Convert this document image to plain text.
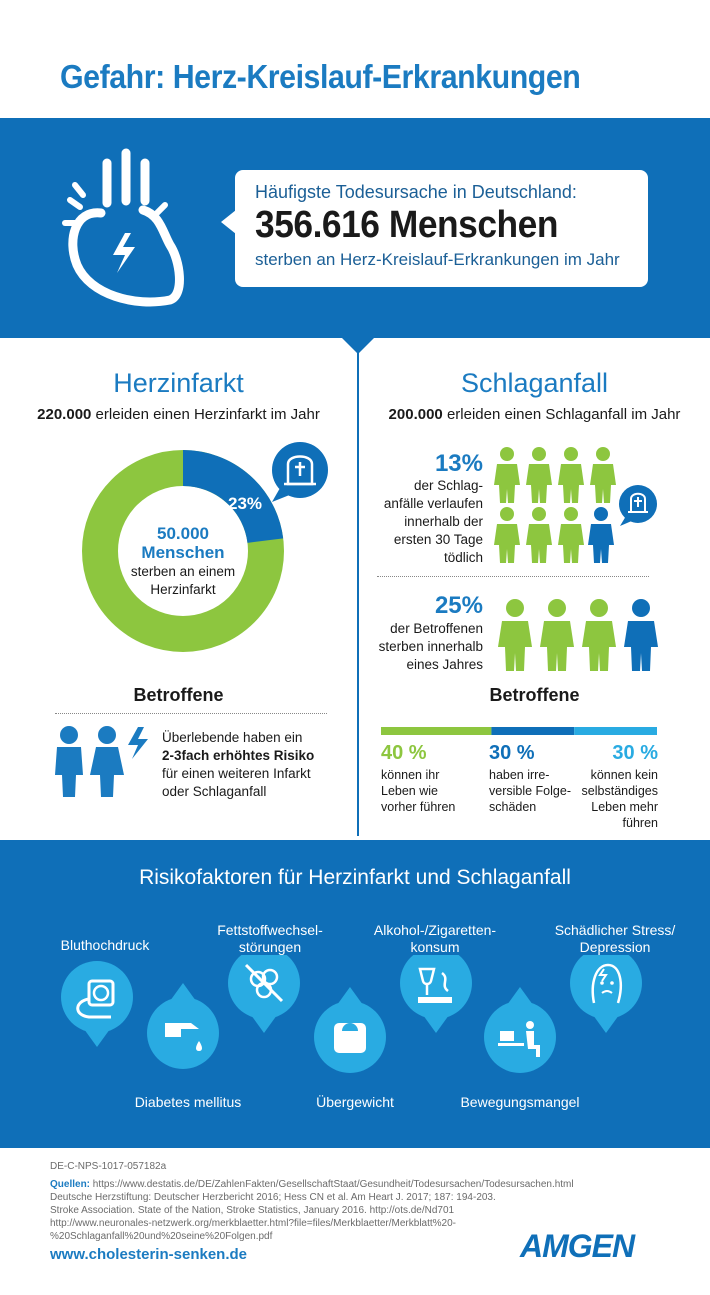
Gefahr: Herz-Kreislauf-Erkrankungen
Häufigste Todesursache in Deutschland:
356.616 Menschen
sterben an Herz-Kreislauf-Erkrankungen im Jahr
Herzinfarkt
220.000 erleiden einen Herzinfarkt im Jahr
23%
50.000
Menschen
sterben an einem
Herzinfarkt
Betroffene
Überlebende haben ein
2-3fach erhöhtes Risiko
für einen weiteren Infarkt
oder Schlaganfall
Schlaganfall
200.000 erleiden einen Schlaganfall im Jahr
13%
der Schlag-
anfälle verlaufen
innerhalb der
ersten 30 Tage
tödlich
25%
der Betroffenen
sterben innerhalb
eines Jahres
Betroffene
40 %
können ihr
Leben wie
vorher führen
30 %
haben irre-
versible Folge-
schäden
30 %
können kein
selbständiges
Leben mehr führen
Risikofaktoren für Herzinfarkt und Schlaganfall
Bluthochdruck
Diabetes mellitus
Fettstoffwechsel-
störungen
Übergewicht
Alkohol-/Zigaretten-
konsum
Bewegungsmangel
Schädlicher Stress/
Depression
DE-C-NPS-1017-057182a
Quellen: https://www.destatis.de/DE/ZahlenFakten/GesellschaftStaat/Gesundheit/Todesursachen/Todesursachen.html
Deutsche Herzstiftung: Deutscher Herzbericht 2016; Hess CN et al. Am Heart J. 2017; 187: 194-203.
Stroke Association. State of the Nation, Stroke Statistics, January 2016. http://ots.de/Nd701
http://www.neuronales-netzwerk.org/merkblaetter.html?file=files/Merkblaetter/Merkblatt%20-
%20Schlaganfall%20und%20seine%20Folgen.pdf
www.cholesterin-senken.de	AMGEN
